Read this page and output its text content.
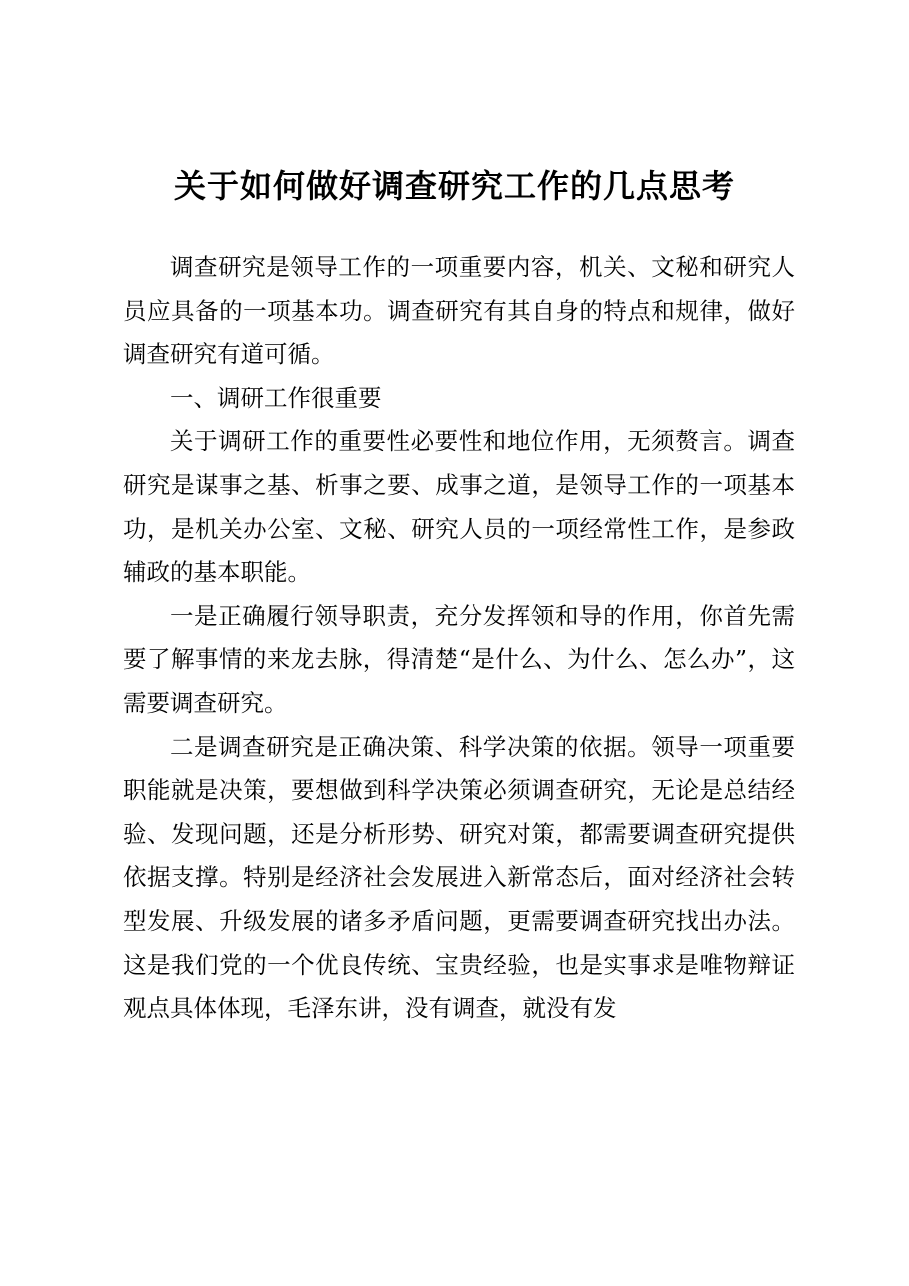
关于如何做好调查研究工作的几点思考

调查研究是领导工作的一项重要内容，机关、文秘和研究人员应具备的一项基本功。调查研究有其自身的特点和规律，做好调查研究有道可循。

一、调研工作很重要

关于调研工作的重要性必要性和地位作用，无须赘言。调查研究是谋事之基、析事之要、成事之道，是领导工作的一项基本功，是机关办公室、文秘、研究人员的一项经常性工作，是参政辅政的基本职能。

一是正确履行领导职责，充分发挥领和导的作用，你首先需要了解事情的来龙去脉，得清楚“是什么、为什么、怎么办”，这需要调查研究。

二是调查研究是正确决策、科学决策的依据。领导一项重要职能就是决策，要想做到科学决策必须调查研究，无论是总结经验、发现问题，还是分析形势、研究对策，都需要调查研究提供依据支撑。特别是经济社会发展进入新常态后，面对经济社会转型发展、升级发展的诸多矛盾问题，更需要调查研究找出办法。这是我们党的一个优良传统、宝贵经验，也是实事求是唯物辩证观点具体体现，毛泽东讲，没有调查，就没有发
